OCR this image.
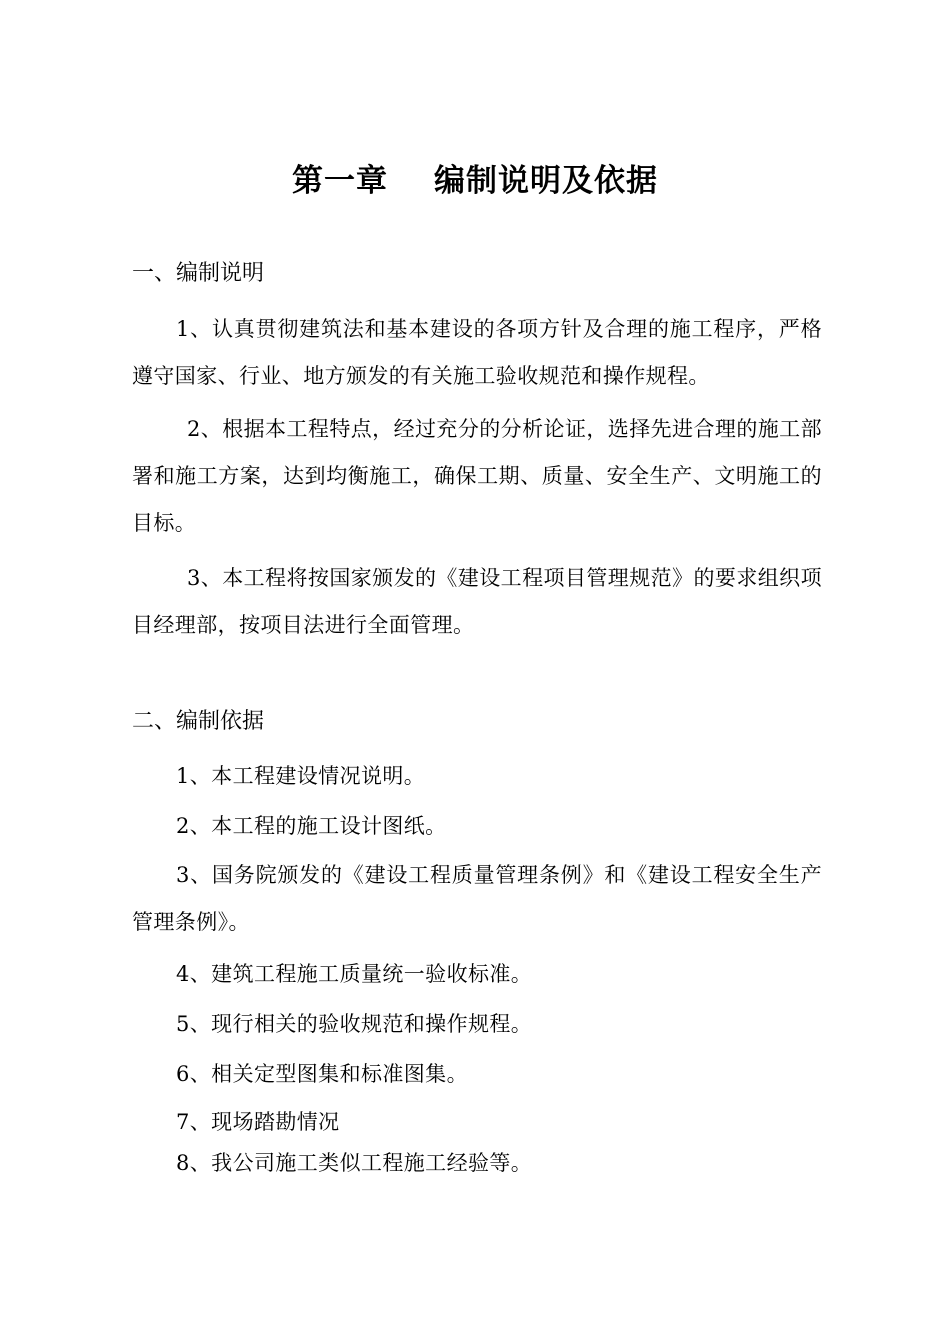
第一章 编制说明及依据
一、编制说明
1、认真贯彻建筑法和基本建设的各项方针及合理的施工程序，严格遵守国家、行业、地方颁发的有关施工验收规范和操作规程。
2、根据本工程特点，经过充分的分析论证，选择先进合理的施工部署和施工方案，达到均衡施工，确保工期、质量、安全生产、文明施工的目标。
3、本工程将按国家颁发的《建设工程项目管理规范》的要求组织项目经理部，按项目法进行全面管理。
二、编制依据
1、本工程建设情况说明。
2、本工程的施工设计图纸。
3、国务院颁发的《建设工程质量管理条例》和《建设工程安全生产管理条例》。
4、建筑工程施工质量统一验收标准。
5、现行相关的验收规范和操作规程。
6、相关定型图集和标准图集。
7、现场踏勘情况
8、我公司施工类似工程施工经验等。
